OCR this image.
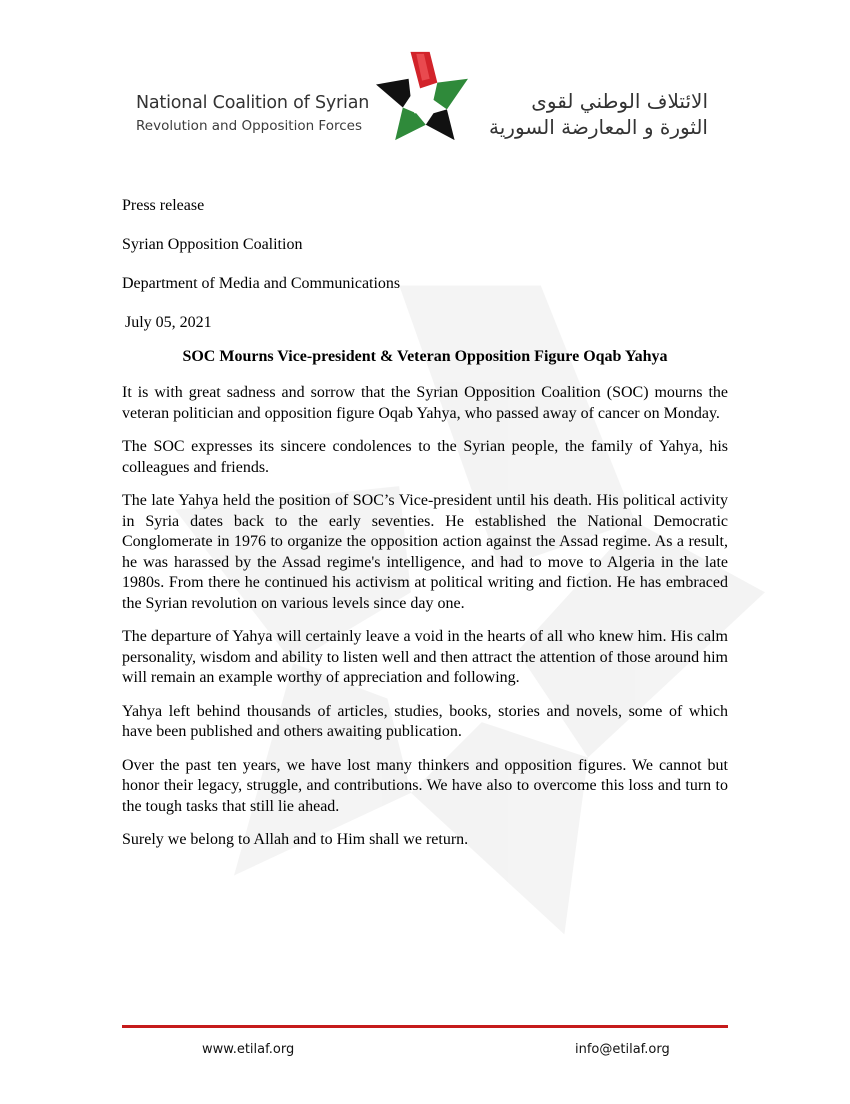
National Coalition of Syrian
Revolution and Opposition Forces
الائتلاف الوطني لقوى
الثورة و المعارضة السورية
Press release
Syrian Opposition Coalition
Department of Media and Communications
July 05, 2021
SOC Mourns Vice-president & Veteran Opposition Figure Oqab Yahya

It is with great sadness and sorrow that the Syrian Opposition Coalition (SOC) mourns the veteran politician and opposition figure Oqab Yahya, who passed away of cancer on Monday.

The SOC expresses its sincere condolences to the Syrian people, the family of Yahya, his colleagues and friends.

The late Yahya held the position of SOC’s Vice-president until his death. His political activity in Syria dates back to the early seventies. He established the National Democratic Conglomerate in 1976 to organize the opposition action against the Assad regime. As a result, he was harassed by the Assad regime's intelligence, and had to move to Algeria in the late 1980s. From there he continued his activism at political writing and fiction. He has embraced the Syrian revolution on various levels since day one.

The departure of Yahya will certainly leave a void in the hearts of all who knew him. His calm personality, wisdom and ability to listen well and then attract the attention of those around him will remain an example worthy of appreciation and following.

Yahya left behind thousands of articles, studies, books, stories and novels, some of which have been published and others awaiting publication.

Over the past ten years, we have lost many thinkers and opposition figures. We cannot but honor their legacy, struggle, and contributions. We have also to overcome this loss and turn to the tough tasks that still lie ahead.

Surely we belong to Allah and to Him shall we return.

www.etilaf.org	info@etilaf.org
